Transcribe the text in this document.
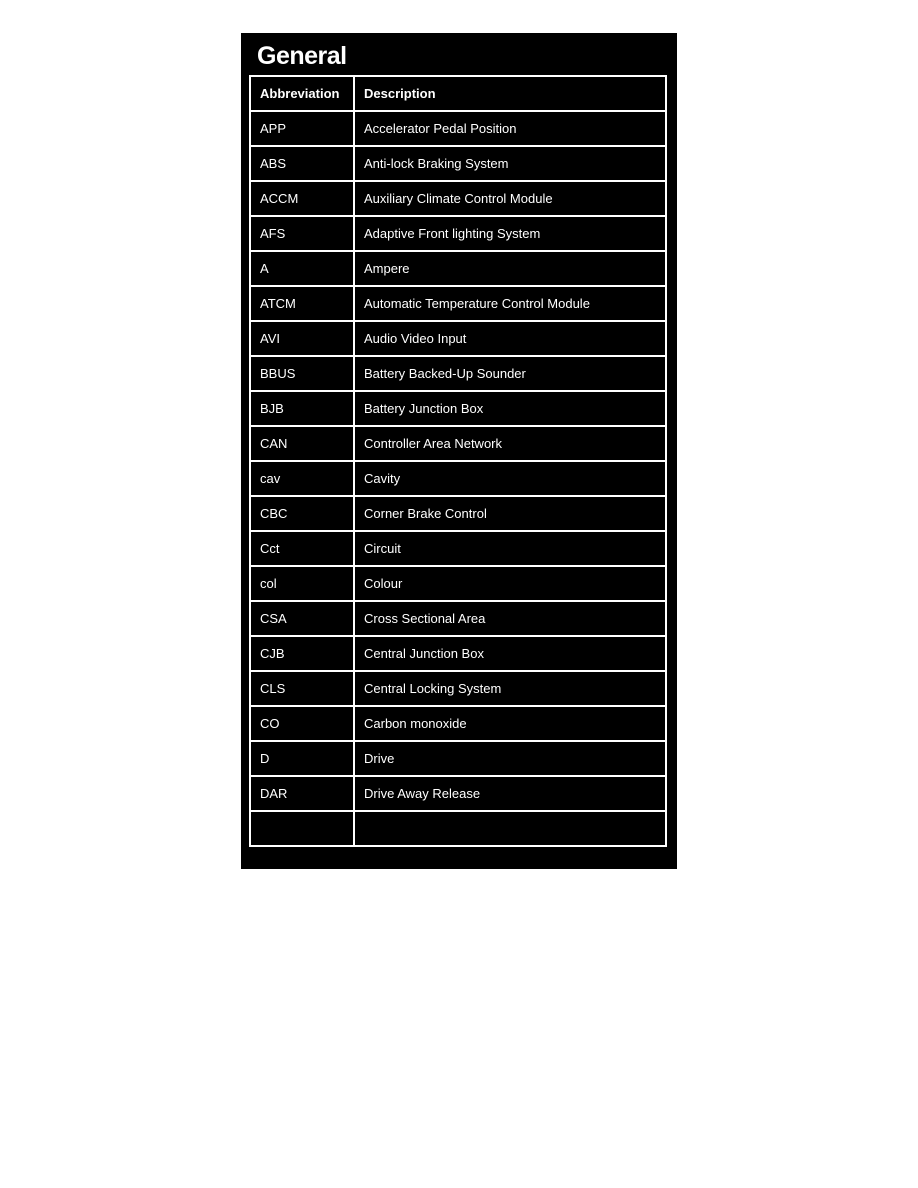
General
Abbreviation	Description
APP	Accelerator Pedal Position
ABS	Anti-lock Braking System
ACCM	Auxiliary Climate Control Module
AFS	Adaptive Front lighting System
A	Ampere
ATCM	Automatic Temperature Control Module
AVI	Audio Video Input
BBUS	Battery Backed-Up Sounder
BJB	Battery Junction Box
CAN	Controller Area Network
cav	Cavity
CBC	Corner Brake Control
Cct	Circuit
col	Colour
CSA	Cross Sectional Area
CJB	Central Junction Box
CLS	Central Locking System
CO	Carbon monoxide
D	Drive
DAR	Drive Away Release
